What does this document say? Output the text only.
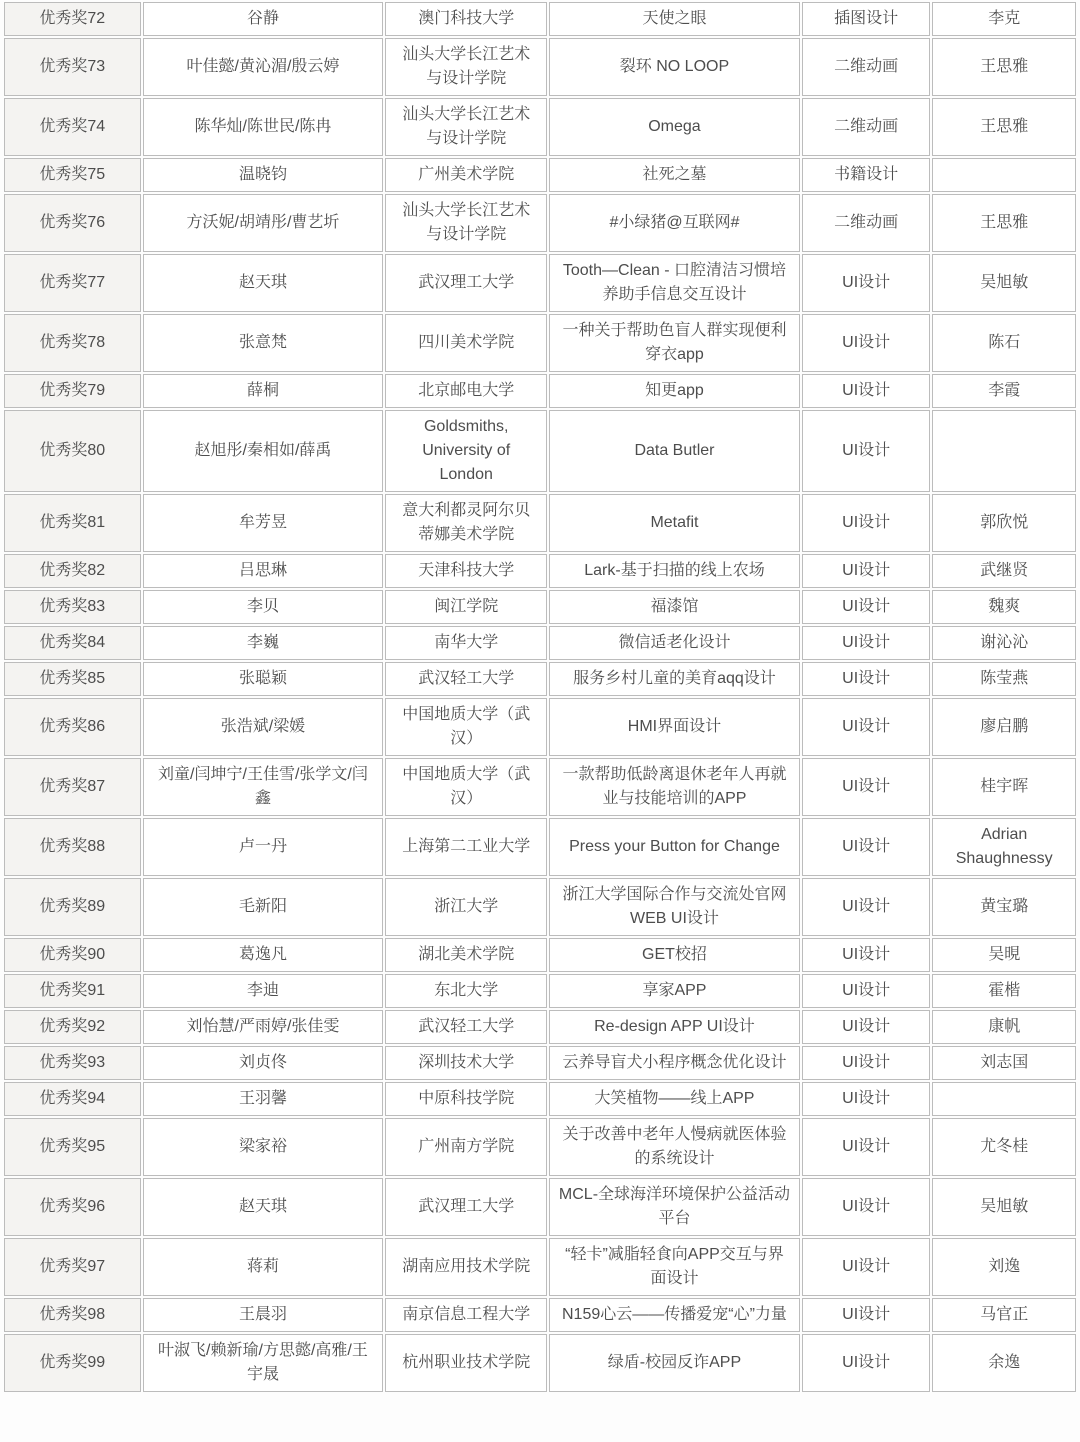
优秀奖72	谷静	澳门科技大学	天使之眼	插图设计	李克
优秀奖73	叶佳懿/黄沁湄/殷云婷	汕头大学长江艺术与设计学院	裂环 NO LOOP	二维动画	王思雅
优秀奖74	陈华灿/陈世民/陈冉	汕头大学长江艺术与设计学院	Omega	二维动画	王思雅
优秀奖75	温晓钧	广州美术学院	社死之墓	书籍设计	
优秀奖76	方沃妮/胡靖彤/曹艺圻	汕头大学长江艺术与设计学院	#小绿猪@互联网#	二维动画	王思雅
优秀奖77	赵天琪	武汉理工大学	Tooth—Clean - 口腔清洁习惯培养助手信息交互设计	UI设计	吴旭敏
优秀奖78	张意梵	四川美术学院	一种关于帮助色盲人群实现便利穿衣app	UI设计	陈石
优秀奖79	薛桐	北京邮电大学	知更app	UI设计	李霞
优秀奖80	赵旭彤/秦相如/薛禹	Goldsmiths, University of London	Data Butler	UI设计	
优秀奖81	牟芳昱	意大利都灵阿尔贝蒂娜美术学院	Metafit	UI设计	郭欣悦
优秀奖82	吕思琳	天津科技大学	Lark-基于扫描的线上农场	UI设计	武继贤
优秀奖83	李贝	闽江学院	福漆馆	UI设计	魏爽
优秀奖84	李巍	南华大学	微信适老化设计	UI设计	谢沁沁
优秀奖85	张聪颖	武汉轻工大学	服务乡村儿童的美育aqq设计	UI设计	陈莹燕
优秀奖86	张浩斌/梁媛	中国地质大学（武汉）	HMI界面设计	UI设计	廖启鹏
优秀奖87	刘童/闫坤宁/王佳雪/张学文/闫鑫	中国地质大学（武汉）	一款帮助低龄离退休老年人再就业与技能培训的APP	UI设计	桂宇晖
优秀奖88	卢一丹	上海第二工业大学	Press your Button for Change	UI设计	Adrian Shaughnessy
优秀奖89	毛新阳	浙江大学	浙江大学国际合作与交流处官网WEB UI设计	UI设计	黄宝璐
优秀奖90	葛逸凡	湖北美术学院	GET校招	UI设计	吴晛
优秀奖91	李迪	东北大学	享家APP	UI设计	霍楷
优秀奖92	刘怡慧/严雨婷/张佳雯	武汉轻工大学	Re-design APP UI设计	UI设计	康帆
优秀奖93	刘贞佟	深圳技术大学	云养导盲犬小程序概念优化设计	UI设计	刘志国
优秀奖94	王羽馨	中原科技学院	大笑植物——线上APP	UI设计	
优秀奖95	梁家裕	广州南方学院	关于改善中老年人慢病就医体验的系统设计	UI设计	尤冬桂
优秀奖96	赵天琪	武汉理工大学	MCL-全球海洋环境保护公益活动平台	UI设计	吴旭敏
优秀奖97	蒋莉	湖南应用技术学院	“轻卡”减脂轻食向APP交互与界面设计	UI设计	刘逸
优秀奖98	王晨羽	南京信息工程大学	N159心云——传播爱宠“心”力量	UI设计	马官正
优秀奖99	叶淑飞/赖新瑜/方思懿/高雅/王宇晟	杭州职业技术学院	绿盾-校园反诈APP	UI设计	余逸
